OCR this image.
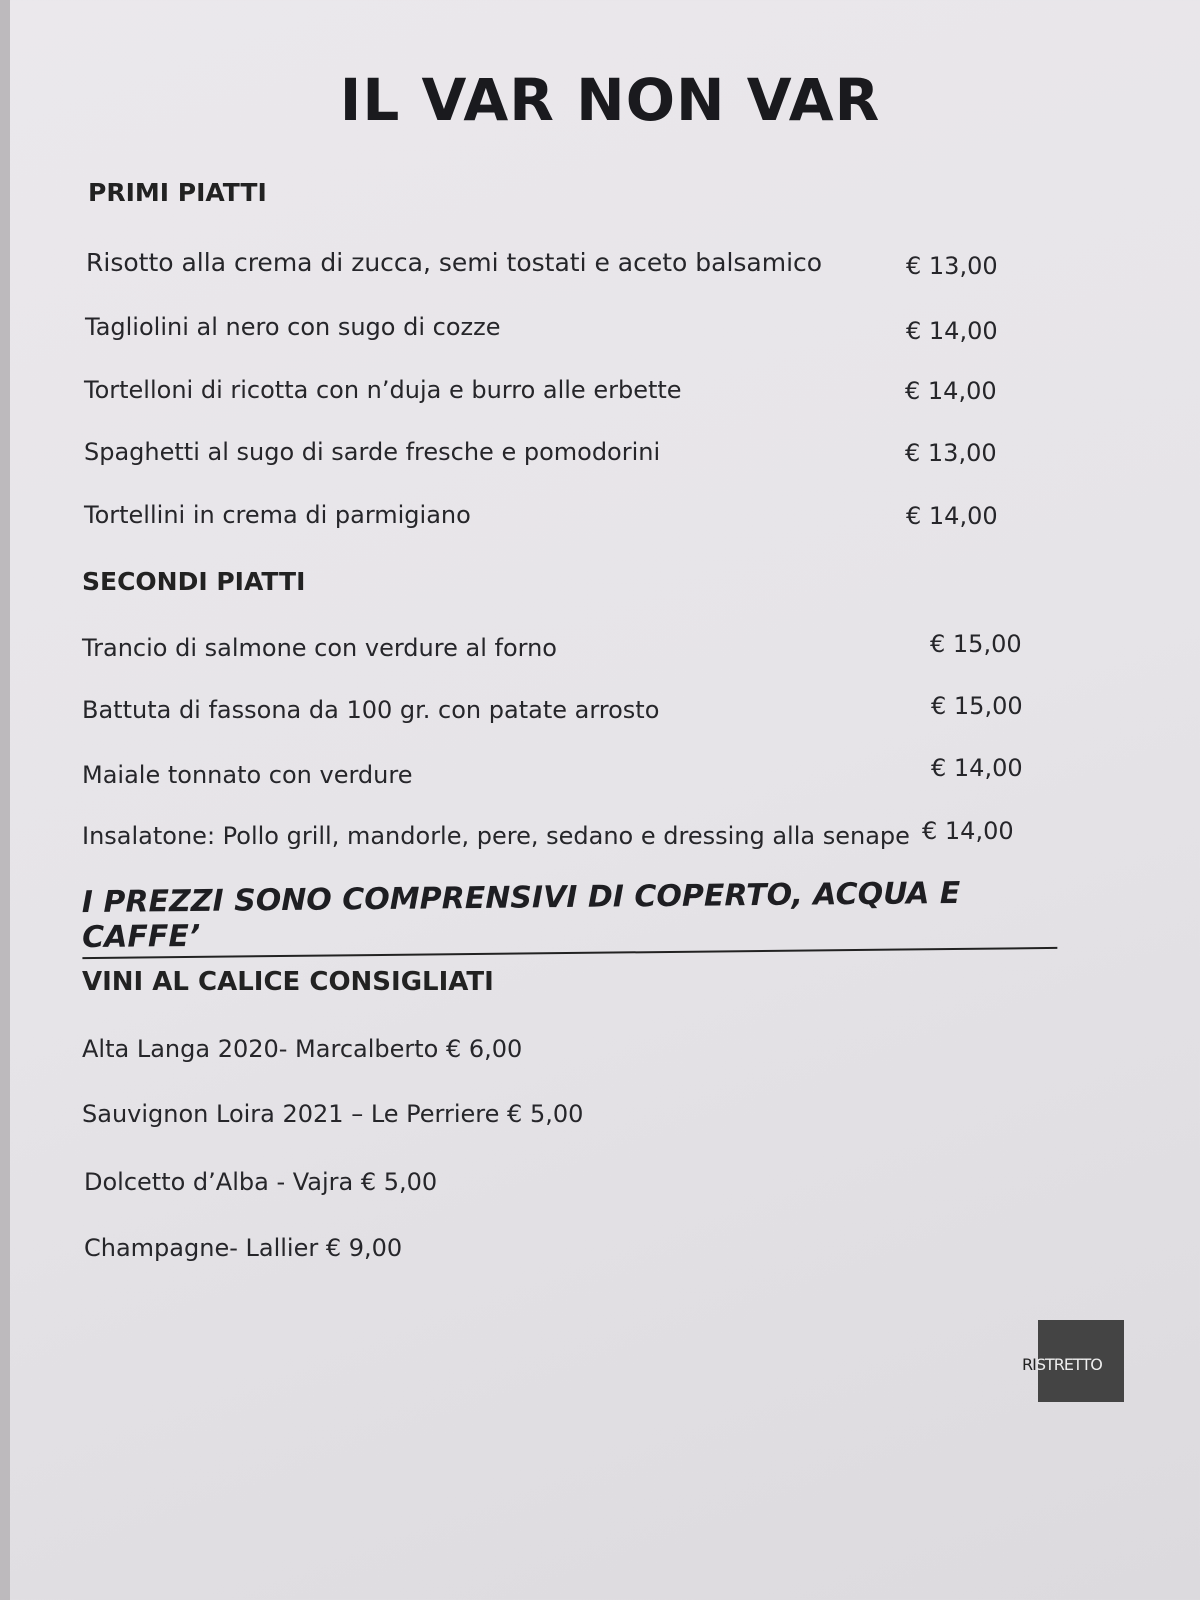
IL VAR NON VAR
PRIMI PIATTI
Risotto alla crema di zucca, semi tostati e aceto balsamico	€ 13,00
Tagliolini al nero con sugo di cozze	€ 14,00
Tortelloni di ricotta con n’duja e burro alle erbette	€ 14,00
Spaghetti al sugo di sarde fresche e pomodorini	€ 13,00
Tortellini in crema di parmigiano	€ 14,00
SECONDI PIATTI
Trancio di salmone con verdure al forno	€ 15,00
Battuta di fassona da 100 gr. con patate arrosto	€ 15,00
Maiale tonnato con verdure	€ 14,00
Insalatone: Pollo grill, mandorle, pere, sedano e dressing alla senape € 14,00
I PREZZI SONO COMPRENSIVI DI COPERTO, ACQUA E CAFFE’
VINI AL CALICE CONSIGLIATI
Alta Langa 2020- Marcalberto € 6,00
Sauvignon Loira 2021 – Le Perriere € 5,00
Dolcetto d’Alba - Vajra € 5,00
Champagne- Lallier € 9,00
RISTRETTO
